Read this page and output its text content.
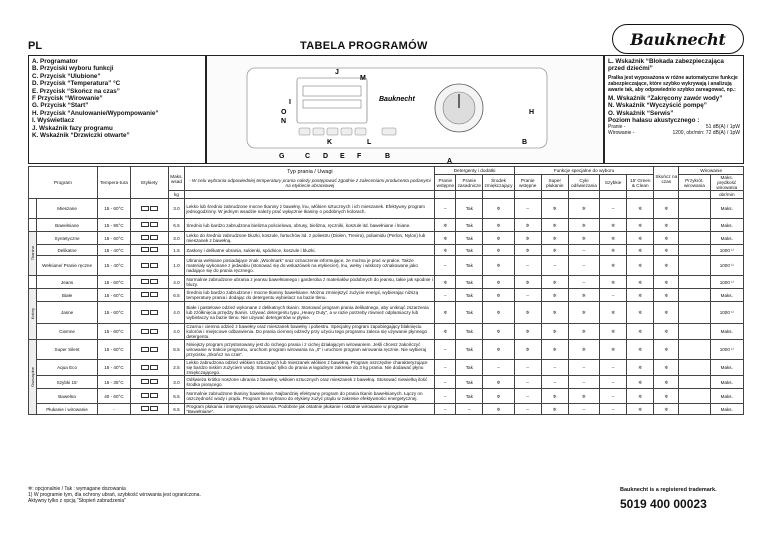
PL	TABELA PROGRAMÓW	Bauknecht
A. Programator
B. Przyciski wyboru funkcji
C. Przycisk “Ulubione”
D. Przycisk “Temperatura” °C
E. Przycisk “Skończ na czas”
F Przycisk “Wirowanie”
G. Przycisk “Start”
H. Przycisk “Anulowanie/Wypompowanie”
I. Wyświetlacz
J. Wskaźnik fazy programu
K. Wskaźnik “Drzwiczki otwarte”
Bauknecht
I
O
N
J
M
K	L
G	C D E F	B
A
B
H
L. Wskaźnik “Blokada zabezpieczająca przed dziećmi”
Pralka jest wyposażona w różne automatyczne funkcje zabezpieczające, które szybko wykrywają i analizują awarie tak, aby odpowiednio szybko zareagować, np.:
M. Wskaźnik “Zakręcony zawór wody”
N. Wskaźnik “Wyczyścić pompę”
O. Wskaźnik “Serwis”
Poziom hałasu akustycznego :
Pranie -	51 dB(A) / 1pW
Wirowanie -	1200, obr/min: 72 dB(A) / 1pW
Program		Tempera-tura	Etykiety	Maks. wsad	Typ prania / Uwagi
- W celu wybrania odpowiedniej temperatury prania należy postępować zgodnie z zaleceniami producenta podanymi na etykiecie ubraniowej	Detergenty i dodatki			Funkcje specjalne do wyboru					Skończ na czas	Wirowanie	
						Pranie wstępne	Pranie zasadnicze	Środek zmiękczający	Pranie wstępne	Super płukanie	Cyki odświeżania	Szybkie	15' Green & Clean		Przykrót. wirowania	Maks. prędkość wirowania
				kg												obr/min
	Mieszane	15 - 60°C		3.0	Lekko lub średnio zabrudzone mocne tkaniny z bawełny, lnu, włókien sztucznych i ich mieszanek. Efektywny program jednogodzinny. W jednym wsadzie należy prać wyłącznie tkaniny o podobnych kolorach.	–	Tak	✲	–	✲	✲	–	✲	✲		Maks.
	Bawełniane	15 - 95°C		6.5	Średnio lub bardzo zabrudzona bielizna pościelowa, obrusy, bielizna, ręczniki, koszule itd. bawełniane i lniane.	✲	Tak	✲	✲	✲	✲	✲	✲	✲		Maks.

Tkanina	Syntetyczne	15 - 60°C		3.0	Lekko do średnio zabrudzone bluzki, koszule, fartuchów itd. z poliestru (Diolen, Trevira), poliamidu (Perlon, Nylon) lub mieszanek z bawełną.	✲	Tak	✲	✲	✲	✲	✲	✲	✲		Maks.
	Delikatne	15 - 40°C		1.5	Zasłony i delikatne ubrania, sukienki, spódnice, koszule i bluzki.	✲	Tak	✲	✲	✲	–	✲	✲	✲		1000 ¹⁾
	Wełniane/ Pranie ręczne	15 - 40°C		1.0	Ubrania wełniane posiadające znak „Woolmark” oraz oznaczenie informujące, że można je prać w pralce. Także materiały wykonane z jedwabiu (stosować się do wskazówek na etykiecie!), lnu, wełny i wiskozy oznakowane jako nadające się do prania ręcznego.	–	Tak	✲	–	–	–	✲	✲	✲		1000 ¹⁾
	Jeans	15 - 60°C		4.0	Normalnie zabrudzone ubrania z jeansu bawełnianego i garderoba z materiałów podobnych do jeansu, takie jak spodnie i bluzy.	✲	Tak	✲	✲	✲	–	✲	✲	✲		1000 ¹⁾

Kolory	Białe	15 - 60°C		6.5	Średnio lub bardzo zabrudzone i mocne tkaniny bawełniane. Można zmniejszyć zużycie energii, wybierając niższą temperaturę prania i dodając do detergentu wybielacz na bazie tlenu.	–	Tak	✲	–	✲	✲	–	✲	✲		Maks.
	Jasne	15 - 60°C		4.0	Białe i pastelowe odzież wykonane z delikatnych tkanin. Stosować program prania delikatnego, aby uniknąć zszarzenia lub zżółknięcia przędzy tkanin. Używać detergentu typu „Heavy Duty”, a w razie potrzeby również odplamiaczy lub wybielaczy na bazie tlenu. Nie używać detergentów w płynie.	✲	Tak	✲	✲	✲	✲	✲	✲	✲		1000 ¹⁾
	Ciemne	15 - 60°C		4.0	Czarna i ciemna odzież z bawełny oraz mieszanek bawełny i poliestru. Specjalny program zapobiegający blaknięciu kolorów i miejscowe odbarwienia. Do prania ciemnej odzieży przy użyciu tego programu zaleca się używanie płynnego detergentu.	✲	Tak	✲	✲	✲	✲	✲	✲	✲		Maks.

Oszczędne	Super Silent	15 - 60°C		6.5	Niniejszy program przystosowany jest do cichego prania i z cichej działającym wirowaniem. Jeśli chcesz zakończyć wirowanie w trakcie programu, uruchom program wirowania na „0” i uruchom program wirowania ręcznie. Nie wybieraj przycisku „Skończ na czas”.	–	Tak	✲	✲	✲	✲	✲	✲	✲		1000 ¹⁾
	Aqua Eco	15 - 40°C		2.5	Lekko zabrudzona odzież włókien sztucznych lub mieszanek włókien z bawełną. Program oszczędne charakteryzujące się bardzo niskim zużyciem wody. Stosować tylko do prania w łagodnym zakresie do 3 kg prania. Nie dodawać płynu zmiękczającego.	–	Tak	–	–	–	–	–	✲	✲		Maks.
	Szybki 15'	15 - 35°C		3.0	Odświeża krótko noszone ubrania z bawełny, włókien sztucznych oraz mieszanek z bawełną. Stosować niewielką ilość środka piorącego.	–	Tak	✲	–	–	–	–	✲	✲		Maks.
	Bawełna	40 - 60°C		6.5	Normalnie zabrudzone tkaniny bawełniane. Najbardziej efektywny program do prania tkanin bawełnianych. Łączy on oszczędność wody i prądu. Program ten wybrano do etykiety zużyć prądu w zakresie efektywności energetycznej.	–	Tak	✲	–	✲	✲	–	✲	✲		Maks.
	Płukanie i wirowanie	-		6.5	Program płukania i intensywnego wirowania. Podobnie jak ostatnie płukanie i ostatnie wirowanie w programie “Bawełniane”.	–	–	✲	–	✲	–	–	✲	✲		Maks.
✲: opcjonalnie / Tak : wymagane dozowania
1) W programie tym, dla ochrony ubrań, szybkość wirowania jest ograniczona.
Aktywny tylko z opcją “Stopień zabrudzenia”
Bauknecht is a registered trademark.
5019 400 00023
